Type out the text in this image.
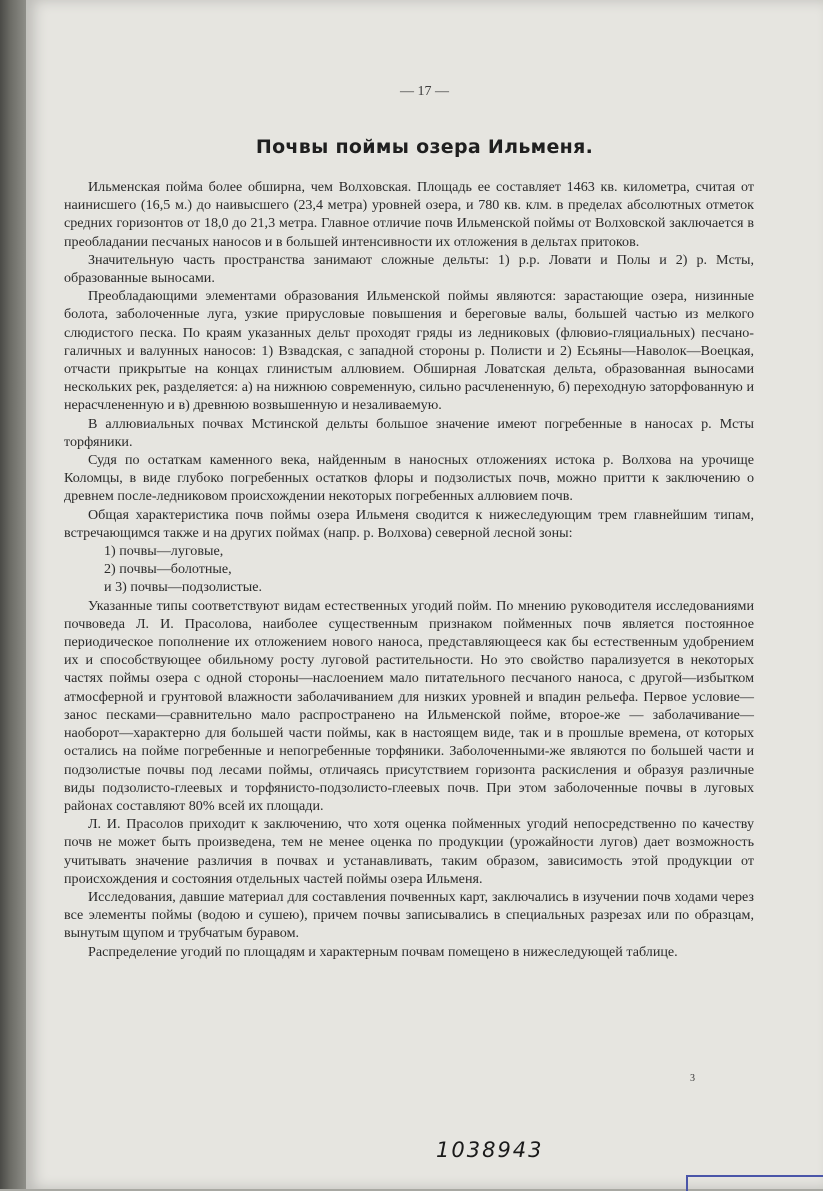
— 17 —
Почвы поймы озера Ильменя.

Ильменская пойма более обширна, чем Волховская. Площадь ее составляет 1463 кв. километра, считая от наинисшего (16,5 м.) до наивысшего (23,4 метра) уровней озера, и 780 кв. клм. в пределах абсолютных отметок средних горизонтов от 18,0 до 21,3 метра. Главное отличие почв Ильменской поймы от Волховской заключается в преобладании песчаных наносов и в большей интенсивности их отложения в дельтах притоков.

Значительную часть пространства занимают сложные дельты: 1) р.р. Ловати и Полы и 2) р. Мсты, образованные выносами.

Преобладающими элементами образования Ильменской поймы являются: зарастающие озера, низинные болота, заболоченные луга, узкие прирусловые повышения и береговые валы, большей частью из мелкого слюдистого песка. По краям указанных дельт проходят гряды из ледниковых (флювио-гляциальных) песчано-галичных и валунных наносов: 1) Взвадская, с западной стороны р. Полисти и 2) Есьяны—Наволок—Воецкая, отчасти прикрытые на концах глинистым аллювием. Обширная Ловатская дельта, образованная выносами нескольких рек, разделяется: а) на нижнюю современную, сильно расчлененную, б) переходную заторфованную и нерасчлененную и в) древнюю возвышенную и незаливаемую.

В аллювиальных почвах Мстинской дельты большое значение имеют погребенные в наносах р. Мсты торфяники.

Судя по остаткам каменного века, найденным в наносных отложениях истока р. Волхова на урочище Коломцы, в виде глубоко погребенных остатков флоры и подзолистых почв, можно притти к заключению о древнем после-ледниковом происхождении некоторых погребенных аллювием почв.

Общая характеристика почв поймы озера Ильменя сводится к нижеследующим трем главнейшим типам, встречающимся также и на других поймах (напр. р. Волхова) северной лесной зоны:

1) почвы—луговые,
2) почвы—болотные,
и 3) почвы—подзолистые.

Указанные типы соответствуют видам естественных угодий пойм. По мнению руководителя исследованиями почвоведа Л. И. Прасолова, наиболее существенным признаком пойменных почв является постоянное периодическое пополнение их отложением нового наноса, представляющееся как бы естественным удобрением их и способствующее обильному росту луговой растительности. Но это свойство парализуется в некоторых частях поймы озера с одной стороны—наслоением мало питательного песчаного наноса, с другой—избытком атмосферной и грунтовой влажности заболачиванием для низких уровней и впадин рельефа. Первое условие—занос песками—сравнительно мало распространено на Ильменской пойме, второе-же — заболачивание—наоборот—характерно для большей части поймы, как в настоящем виде, так и в прошлые времена, от которых остались на пойме погребенные и непогребенные торфяники. Заболоченными-же являются по большей части и подзолистые почвы под лесами поймы, отличаясь присутствием горизонта раскисления и образуя различные виды подзолисто-глеевых и торфянисто-подзолисто-глеевых почв. При этом заболоченные почвы в луговых районах составляют 80% всей их площади.

Л. И. Прасолов приходит к заключению, что хотя оценка пойменных угодий непосредственно по качеству почв не может быть произведена, тем не менее оценка по продукции (урожайности лугов) дает возможность учитывать значение различия в почвах и устанавливать, таким образом, зависимость этой продукции от происхождения и состояния отдельных частей поймы озера Ильменя.

Исследования, давшие материал для составления почвенных карт, заключались в изучении почв ходами через все элементы поймы (водою и сушею), причем почвы записывались в специальных разрезах или по образцам, вынутым щупом и трубчатым буравом.

Распределение угодий по площадям и характерным почвам помещено в нижеследующей таблице.

3
1038943
